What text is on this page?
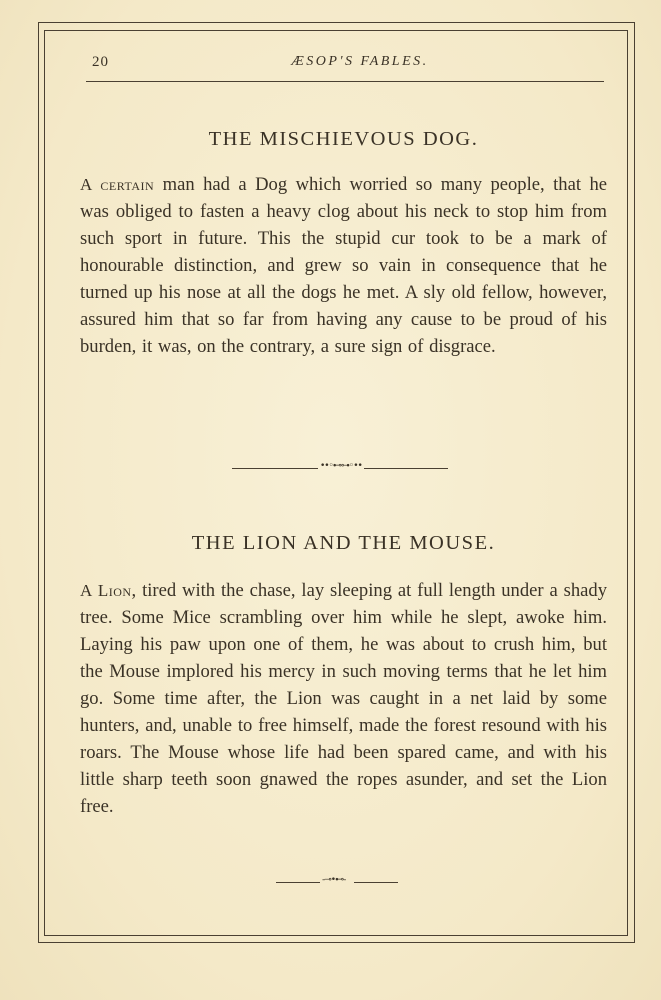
20	ÆSOP'S FABLES.
THE MISCHIEVOUS DOG.

A certain man had a Dog which worried so many people, that he was obliged to fasten a heavy clog about his neck to stop him from such sport in future. This the stupid cur took to be a mark of honourable distinction, and grew so vain in consequence that he turned up his nose at all the dogs he met. A sly old fellow, however, assured him that so far from having any cause to be proud of his burden, it was, on the contrary, a sure sign of disgrace.

••◦⊷⊶◦••
THE LION AND THE MOUSE.

A Lion, tired with the chase, lay sleeping at full length under a shady tree. Some Mice scrambling over him while he slept, awoke him. Laying his paw upon one of them, he was about to crush him, but the Mouse implored his mercy in such moving terms that he let him go. Some time after, the Lion was caught in a net laid by some hunters, and, unable to free himself, made the forest resound with his roars. The Mouse whose life had been spared came, and with his little sharp teeth soon gnawed the ropes asunder, and set the Lion free.

-⊸•⊷-
